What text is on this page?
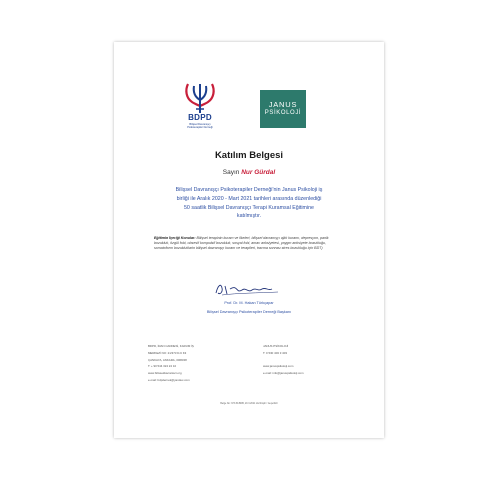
BDPD
Bilişsel Davranışçı
Psikoterapiler Derneği
JANUS
PSİKOLOJİ
Katılım Belgesi
Sayın Nur Gürdal
Bilişsel Davranışçı Psikoterapiler Derneği'nin Janus Psikoloji iş
birliği ile Aralık 2020 - Mart 2021 tarihleri arasında düzenlediği
50 saatlik Bilişsel Davranışçı Terapi Kuramsal Eğitimine
katılmıştır.
Eğitimin İçeriği Konular: Bilişsel terapinin kuram ve ilkeleri, bilişsel davranışçı ajlık kuramı, depresyon, panik bozukluk, özgül fobi, obsesif kompulsif bozukluk, sosyal fobi, amav anksiyetesi, yaygın anksiyete bozukluğu, somatoform bozukluklarin bilişsel davranışçı kuram ve terapileri, travma sonrası stres bozukluğu için BDT)
Prof. Dr. M. Hakan Türkçapar
Bilişsel Davranışçı Psikoterapiler Derneği Başkanı
BDPD, İRAN CADDESİ, KARUM İŞ
MERKEZİ NO: 21/373 D-6 K3
ÇANKAYA, ANKARA, 0068/48
T: + 90 544 324 24 10
www.bilisseldavranisci.org
e-mail: bdpdernek@yandex.com
JANUS PSİKOLOJİ
T: 0 530 403 3 403

www.januspsikoloji.com
e-mail: info@januspsikoloji.com
Belge No: 373-50-BDB, 20.3.2021 Verilmiştir / Geçerlidir
